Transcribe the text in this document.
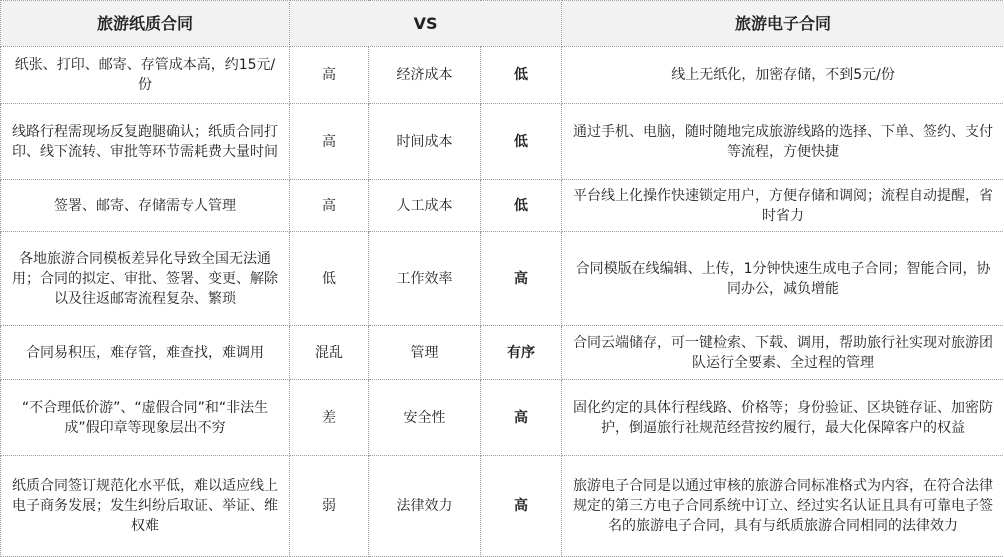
旅游纸质合同	VS			旅游电子合同
纸张、打印、邮寄、存管成本高，约15元/份	高	经济成本	低	线上无纸化，加密存储，不到5元/份
线路行程需现场反复跑腿确认；纸质合同打印、线下流转、审批等环节需耗费大量时间	高	时间成本	低	通过手机、电脑，随时随地完成旅游线路的选择、下单、签约、支付等流程，方便快捷
签署、邮寄、存储需专人管理	高	人工成本	低	平台线上化操作快速锁定用户，方便存储和调阅；流程自动提醒，省时省力
各地旅游合同模板差异化导致全国无法通用；合同的拟定、审批、签署、变更、解除以及往返邮寄流程复杂、繁琐	低	工作效率	高	合同模版在线编辑、上传，1分钟快速生成电子合同；智能合同，协同办公，减负增能
合同易积压，难存管，难查找，难调用	混乱	管理	有序	合同云端储存，可一键检索、下载、调用，帮助旅行社实现对旅游团队运行全要素、全过程的管理
“不合理低价游”、“虚假合同”和“非法生成”假印章等现象层出不穷	差	安全性	高	固化约定的具体行程线路、价格等；身份验证、区块链存证、加密防护，倒逼旅行社规范经营按约履行，最大化保障客户的权益
纸质合同签订规范化水平低，难以适应线上电子商务发展；发生纠纷后取证、举证、维权难	弱	法律效力	高	旅游电子合同是以通过审核的旅游合同标准格式为内容，在符合法律规定的第三方电子合同系统中订立、经过实名认证且具有可靠电子签名的旅游电子合同，具有与纸质旅游合同相同的法律效力
